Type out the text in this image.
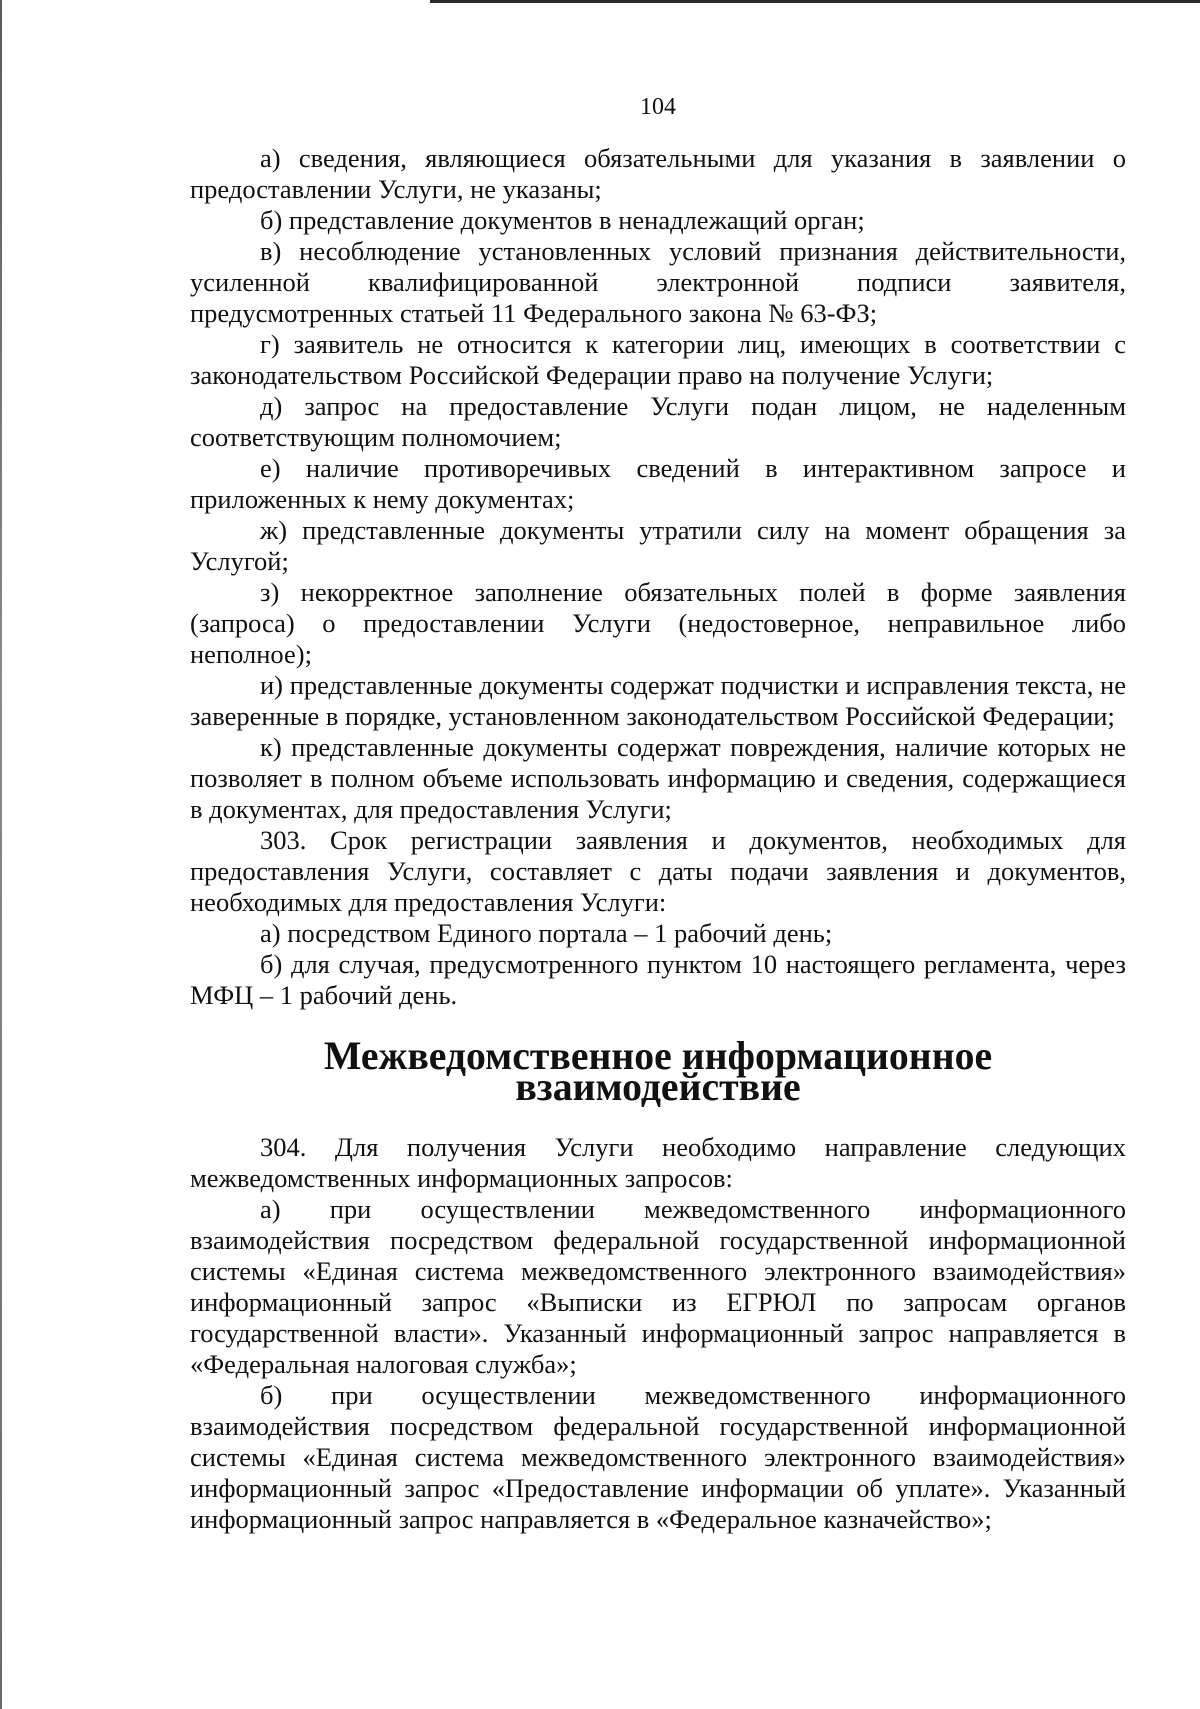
104

а) сведения, являющиеся обязательными для указания в заявлении о предоставлении Услуги, не указаны;

б) представление документов в ненадлежащий орган;

в) несоблюдение установленных условий признания действительности, усиленной квалифицированной электронной подписи заявителя, предусмотренных статьей 11 Федерального закона № 63-ФЗ;

г) заявитель не относится к категории лиц, имеющих в соответствии с законодательством Российской Федерации право на получение Услуги;

д) запрос на предоставление Услуги подан лицом, не наделенным соответствующим полномочием;

е) наличие противоречивых сведений в интерактивном запросе и приложенных к нему документах;

ж) представленные документы утратили силу на момент обращения за Услугой;

з) некорректное заполнение обязательных полей в форме заявления (запроса) о предоставлении Услуги (недостоверное, неправильное либо неполное);

и) представленные документы содержат подчистки и исправления текста, не заверенные в порядке, установленном законодательством Российской Федерации;

к) представленные документы содержат повреждения, наличие которых не позволяет в полном объеме использовать информацию и сведения, содержащиеся в документах, для предоставления Услуги;

303. Срок регистрации заявления и документов, необходимых для предоставления Услуги, составляет с даты подачи заявления и документов, необходимых для предоставления Услуги:

а) посредством Единого портала – 1 рабочий день;

б) для случая, предусмотренного пунктом 10 настоящего регламента, через МФЦ – 1 рабочий день.

Межведомственное информационное взаимодействие

304. Для получения Услуги необходимо направление следующих межведомственных информационных запросов:

а) при осуществлении межведомственного информационного взаимодействия посредством федеральной государственной информационной системы «Единая система межведомственного электронного взаимодействия» информационный запрос «Выписки из ЕГРЮЛ по запросам органов государственной власти». Указанный информационный запрос направляется в «Федеральная налоговая служба»;

б) при осуществлении межведомственного информационного взаимодействия посредством федеральной государственной информационной системы «Единая система межведомственного электронного взаимодействия» информационный запрос «Предоставление информации об уплате». Указанный информационный запрос направляется в «Федеральное казначейство»;
